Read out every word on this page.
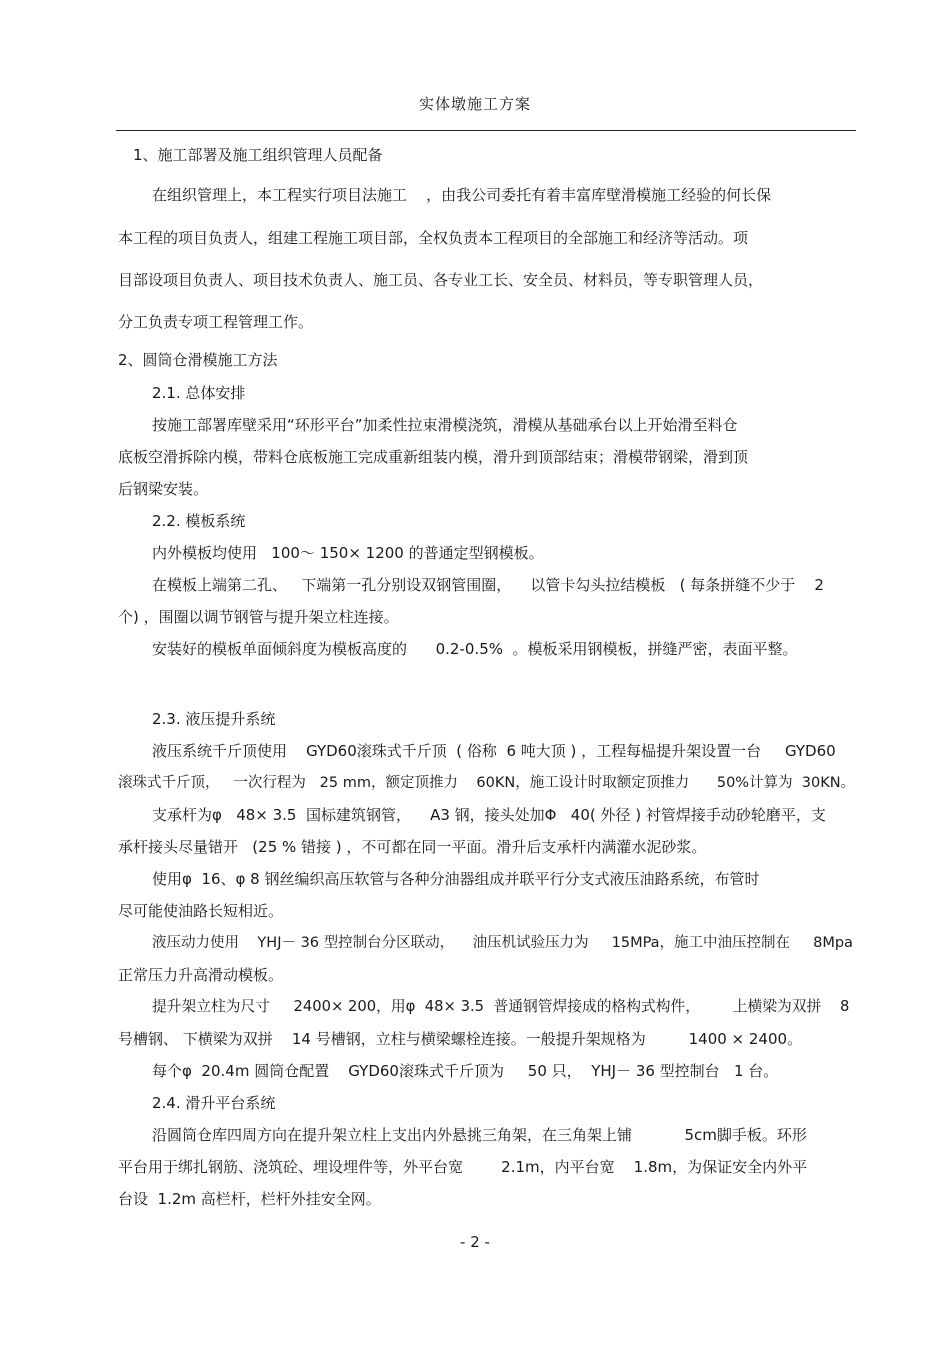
实体墩施工方案
1、施工部署及施工组织管理人员配备
在组织管理上，本工程实行项目法施工    ，由我公司委托有着丰富库壁滑模施工经验的何长保
本工程的项目负责人，组建工程施工项目部，全权负责本工程项目的全部施工和经济等活动。项
目部设项目负责人、项目技术负责人、施工员、各专业工长、安全员、材料员，等专职管理人员，
分工负责专项工程管理工作。
2、圆筒仓滑模施工方法
2.1. 总体安排
按施工部署库壁采用“环形平台”加柔性拉束滑模浇筑，滑模从基础承台以上开始滑至料仓
底板空滑拆除内模，带料仓底板施工完成重新组装内模，滑升到顶部结束；滑模带钢梁，滑到顶
后钢梁安装。
2.2. 模板系统
内外模板均使用   100～ 150× 1200 的普通定型钢模板。
在模板上端第二孔、   下端第一孔分别设双钢管围圈，    以管卡勾头拉结模板   ( 每条拼缝不少于    2
个) ，围圈以调节钢管与提升架立柱连接。
安装好的模板单面倾斜度为模板高度的      0.2-0.5%  。模板采用钢模板，拼缝严密，表面平整。
2.3. 液压提升系统
液压系统千斤顶使用    GYD60滚珠式千斤顶  ( 俗称  6 吨大顶 ) ，工程每榀提升架设置一台     GYD60
滚珠式千斤顶，   一次行程为   25 mm，额定顶推力    60KN，施工设计时取额定顶推力      50%计算为  30KN。
支承杆为φ   48× 3.5  国标建筑钢管，    A3 钢，接头处加Φ   40( 外径 ) 衬管焊接手动砂轮磨平，支
承杆接头尽量错开   (25 % 错接 ) ，不可都在同一平面。滑升后支承杆内满灌水泥砂浆。
使用φ  16、φ 8 钢丝编织高压软管与各种分油器组成并联平行分支式液压油路系统，布管时
尽可能使油路长短相近。
液压动力使用    YHJ－ 36 型控制台分区联动，    油压机试验压力为     15MPa，施工中油压控制在     8Mpa
正常压力升高滑动模板。
提升架立柱为尺寸     2400× 200，用φ  48× 3.5  普通钢管焊接成的格构式构件，       上横梁为双拼    8
号槽钢、 下横梁为双拼    14 号槽钢，立柱与横梁螺栓连接。一般提升架规格为         1400 × 2400。
每个φ  20.4m 圆筒仓配置    GYD60滚珠式千斤顶为     50 只，  YHJ－ 36 型控制台   1 台。
2.4. 滑升平台系统
沿圆筒仓库四周方向在提升架立柱上支出内外悬挑三角架，在三角架上铺           5cm脚手板。环形
平台用于绑扎钢筋、浇筑砼、埋设埋件等，外平台宽        2.1m，内平台宽    1.8m，为保证安全内外平
台设  1.2m 高栏杆，栏杆外挂安全网。
- 2 -
